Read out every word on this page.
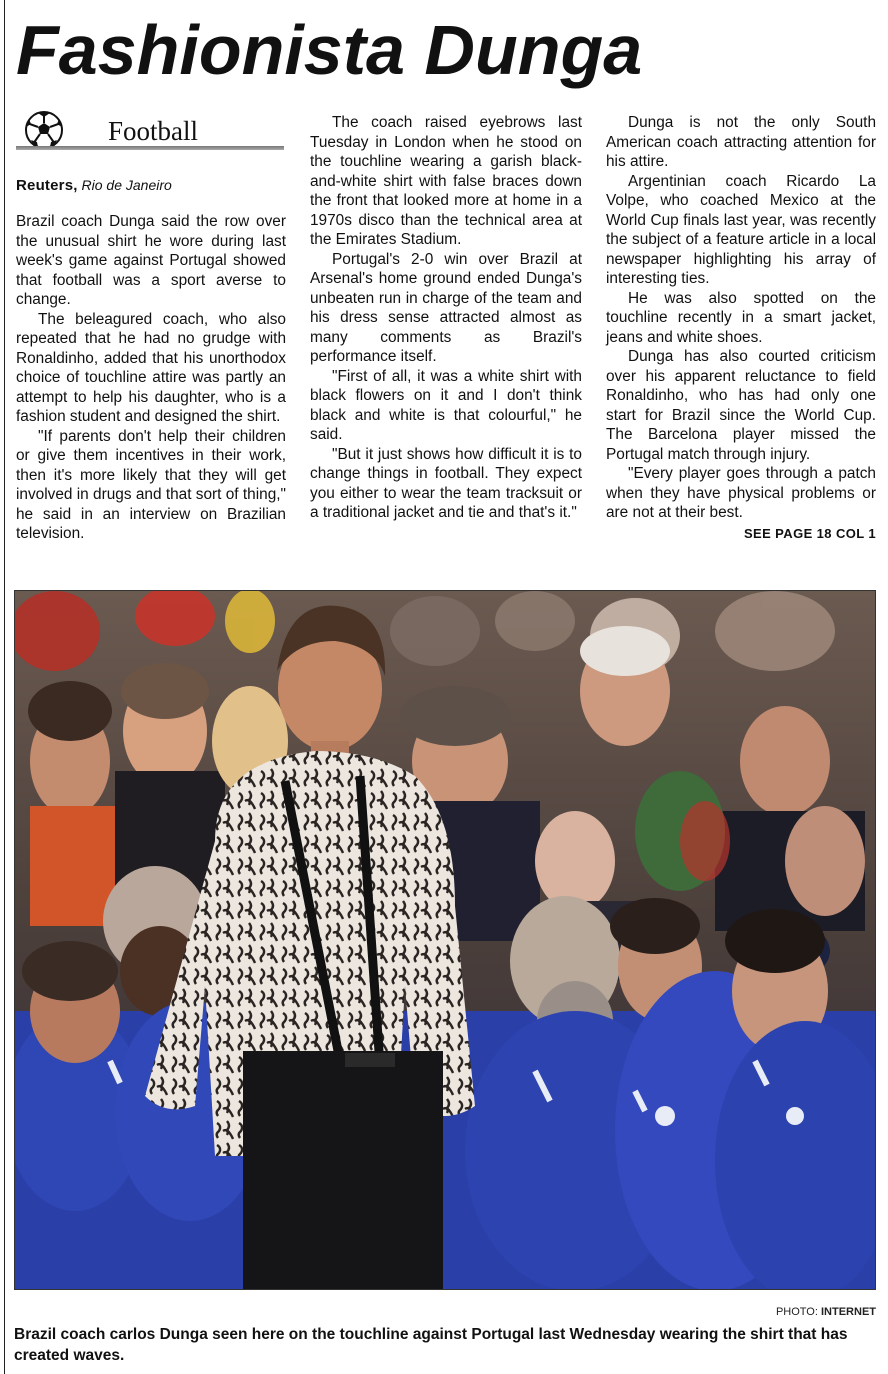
Fashionista Dunga
Football
Reuters, Rio de Janeiro

Brazil coach Dunga said the row over the unusual shirt he wore during last week's game against Portugal showed that football was a sport averse to change.

The beleagured coach, who also repeated that he had no grudge with Ronaldinho, added that his unorthodox choice of touchline attire was partly an attempt to help his daughter, who is a fashion student and designed the shirt.

"If parents don't help their children or give them incentives in their work, then it's more likely that they will get involved in drugs and that sort of thing," he said in an interview on Brazilian television.

The coach raised eyebrows last Tuesday in London when he stood on the touchline wearing a garish black-and-white shirt with false braces down the front that looked more at home in a 1970s disco than the technical area at the Emirates Stadium.

Portugal's 2-0 win over Brazil at Arsenal's home ground ended Dunga's unbeaten run in charge of the team and his dress sense attracted almost as many comments as Brazil's performance itself.

"First of all, it was a white shirt with black flowers on it and I don't think black and white is that colourful," he said.

"But it just shows how difficult it is to change things in football. They expect you either to wear the team tracksuit or a traditional jacket and tie and that's it."

Dunga is not the only South American coach attracting attention for his attire.

Argentinian coach Ricardo La Volpe, who coached Mexico at the World Cup finals last year, was recently the subject of a feature article in a local newspaper highlighting his array of interesting ties.

He was also spotted on the touchline recently in a smart jacket, jeans and white shoes.

Dunga has also courted criticism over his apparent reluctance to field Ronaldinho, who has had only one start for Brazil since the World Cup. The Barcelona player missed the Portugal match through injury.

"Every player goes through a patch when they have physical problems or are not at their best.

SEE PAGE 18 COL 1
PHOTO: INTERNET
Brazil coach carlos Dunga seen here on the touchline against Portugal last Wednesday wearing the shirt that has created waves.
